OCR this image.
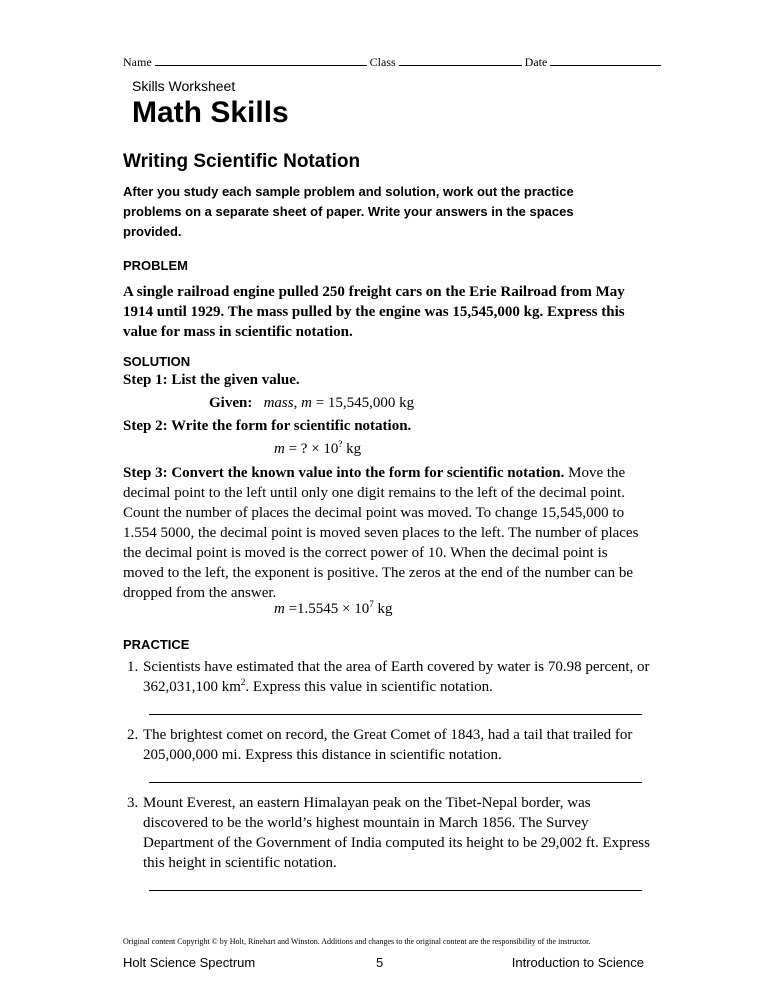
Name	Class	Date
Skills Worksheet
Math Skills
Writing Scientific Notation
After you study each sample problem and solution, work out the practice problems on a separate sheet of paper. Write your answers in the spaces provided.
PROBLEM
A single railroad engine pulled 250 freight cars on the Erie Railroad from May 1914 until 1929. The mass pulled by the engine was 15,545,000 kg. Express this value for mass in scientific notation.
SOLUTION
Step 1: List the given value.
Given: mass, m = 15,545,000 kg
Step 2: Write the form for scientific notation.
m = ? × 10? kg
Step 3: Convert the known value into the form for scientific notation. Move the decimal point to the left until only one digit remains to the left of the decimal point. Count the number of places the decimal point was moved. To change 15,545,000 to 1.554 5000, the decimal point is moved seven places to the left. The number of places the decimal point is moved is the correct power of 10. When the decimal point is moved to the left, the exponent is positive. The zeros at the end of the number can be dropped from the answer.
$m =1.5545 \times 10^7$ kg
PRACTICE
1. Scientists have estimated that the area of Earth covered by water is 70.98 percent, or 362,031,100 $km^2$. Express this value in scientific notation.
2. The brightest comet on record, the Great Comet of 1843, had a tail that trailed for 205,000,000 mi. Express this distance in scientific notation.
3. Mount Everest, an eastern Himalayan peak on the Tibet-Nepal border, was discovered to be the world’s highest mountain in March 1856. The Survey Department of the Government of India computed its height to be 29,002 ft. Express this height in scientific notation.
Original content Copyright © by Holt, Rinehart and Winston. Additions and changes to the original content are the responsibility of the instructor.
Holt Science Spectrum	5	Introduction to Science
